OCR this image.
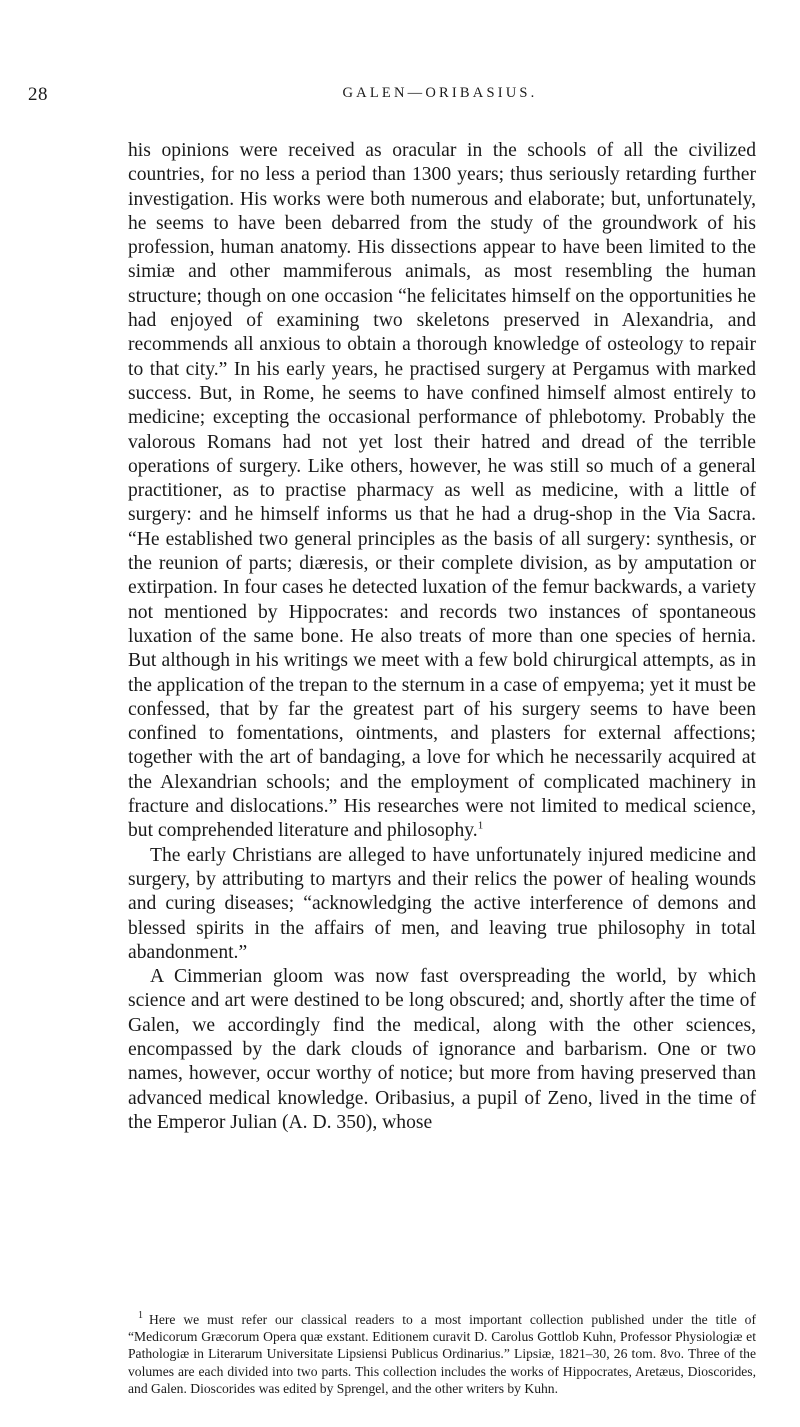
28	GALEN—ORIBASIUS.

his opinions were received as oracular in the schools of all the civilized countries, for no less a period than 1300 years; thus seriously retarding further investigation. His works were both numerous and elaborate; but, unfortunately, he seems to have been debarred from the study of the groundwork of his profession, human anatomy. His dissections appear to have been limited to the simiæ and other mammiferous animals, as most resembling the human structure; though on one occasion “he felicitates himself on the opportunities he had enjoyed of examining two skeletons preserved in Alexandria, and recommends all anxious to obtain a thorough knowledge of osteology to repair to that city.” In his early years, he practised surgery at Pergamus with marked success. But, in Rome, he seems to have confined himself almost entirely to medicine; excepting the occasional performance of phlebotomy. Probably the valorous Romans had not yet lost their hatred and dread of the terrible operations of surgery. Like others, however, he was still so much of a general practitioner, as to practise pharmacy as well as medicine, with a little of surgery: and he himself informs us that he had a drug-shop in the Via Sacra. “He established two general principles as the basis of all surgery: synthesis, or the reunion of parts; diæresis, or their complete division, as by amputation or extirpation. In four cases he detected luxation of the femur backwards, a variety not mentioned by Hippocrates: and records two instances of spontaneous luxation of the same bone. He also treats of more than one species of hernia. But although in his writings we meet with a few bold chirurgical attempts, as in the application of the trepan to the sternum in a case of empyema; yet it must be confessed, that by far the greatest part of his surgery seems to have been confined to fomentations, ointments, and plasters for external affections; together with the art of bandaging, a love for which he necessarily acquired at the Alexandrian schools; and the employment of complicated machinery in fracture and dislocations.” His researches were not limited to medical science, but comprehended literature and philosophy.$^1$

The early Christians are alleged to have unfortunately injured medicine and surgery, by attributing to martyrs and their relics the power of healing wounds and curing diseases; “acknowledging the active interference of demons and blessed spirits in the affairs of men, and leaving true philosophy in total abandonment.”

A Cimmerian gloom was now fast overspreading the world, by which science and art were destined to be long obscured; and, shortly after the time of Galen, we accordingly find the medical, along with the other sciences, encompassed by the dark clouds of ignorance and barbarism. One or two names, however, occur worthy of notice; but more from having preserved than advanced medical knowledge. Oribasius, a pupil of Zeno, lived in the time of the Emperor Julian (A. D. 350), whose

$^1$ Here we must refer our classical readers to a most important collection published under the title of “Medicorum Græcorum Opera quæ exstant. Editionem curavit D. Carolus Gottlob Kuhn, Professor Physiologiæ et Pathologiæ in Literarum Universitate Lipsiensi Publicus Ordinarius.” Lipsiæ, 1821–30, 26 tom. 8vo. Three of the volumes are each divided into two parts. This collection includes the works of Hippocrates, Aretæus, Dioscorides, and Galen. Dioscorides was edited by Sprengel, and the other writers by Kuhn.
